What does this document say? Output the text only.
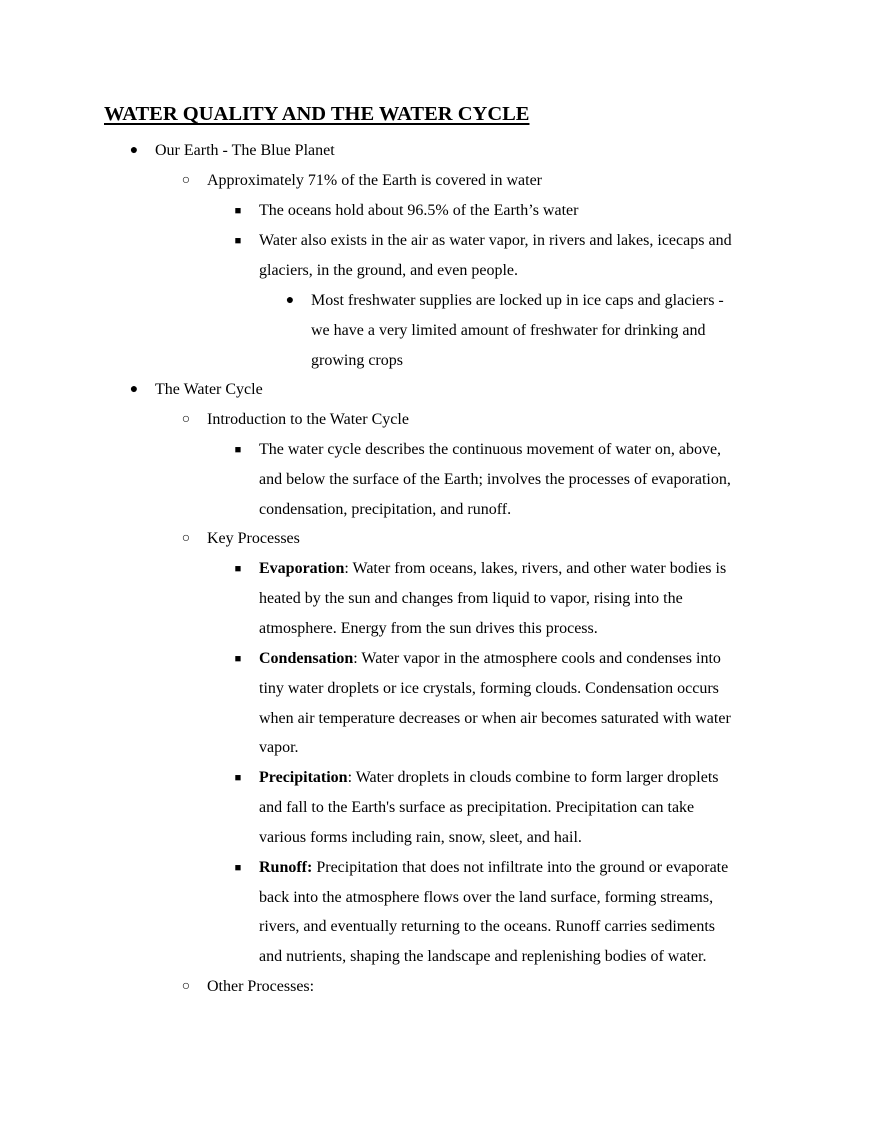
WATER QUALITY AND THE WATER CYCLE
●	Our Earth - The Blue Planet
○	Approximately 71% of the Earth is covered in water
■	The oceans hold about 96.5% of the Earth’s water
■	Water also exists in the air as water vapor, in rivers and lakes, icecaps and
glaciers, in the ground, and even people.
●	Most freshwater supplies are locked up in ice caps and glaciers -
we have a very limited amount of freshwater for drinking and
growing crops
●	The Water Cycle
○	Introduction to the Water Cycle
■	The water cycle describes the continuous movement of water on, above,
and below the surface of the Earth; involves the processes of evaporation,
condensation, precipitation, and runoff.
○	Key Processes
■	Evaporation: Water from oceans, lakes, rivers, and other water bodies is
heated by the sun and changes from liquid to vapor, rising into the
atmosphere. Energy from the sun drives this process.
■	Condensation: Water vapor in the atmosphere cools and condenses into
tiny water droplets or ice crystals, forming clouds. Condensation occurs
when air temperature decreases or when air becomes saturated with water
vapor.
■	Precipitation: Water droplets in clouds combine to form larger droplets
and fall to the Earth's surface as precipitation. Precipitation can take
various forms including rain, snow, sleet, and hail.
■	Runoff: Precipitation that does not infiltrate into the ground or evaporate
back into the atmosphere flows over the land surface, forming streams,
rivers, and eventually returning to the oceans. Runoff carries sediments
and nutrients, shaping the landscape and replenishing bodies of water.
○	Other Processes:
